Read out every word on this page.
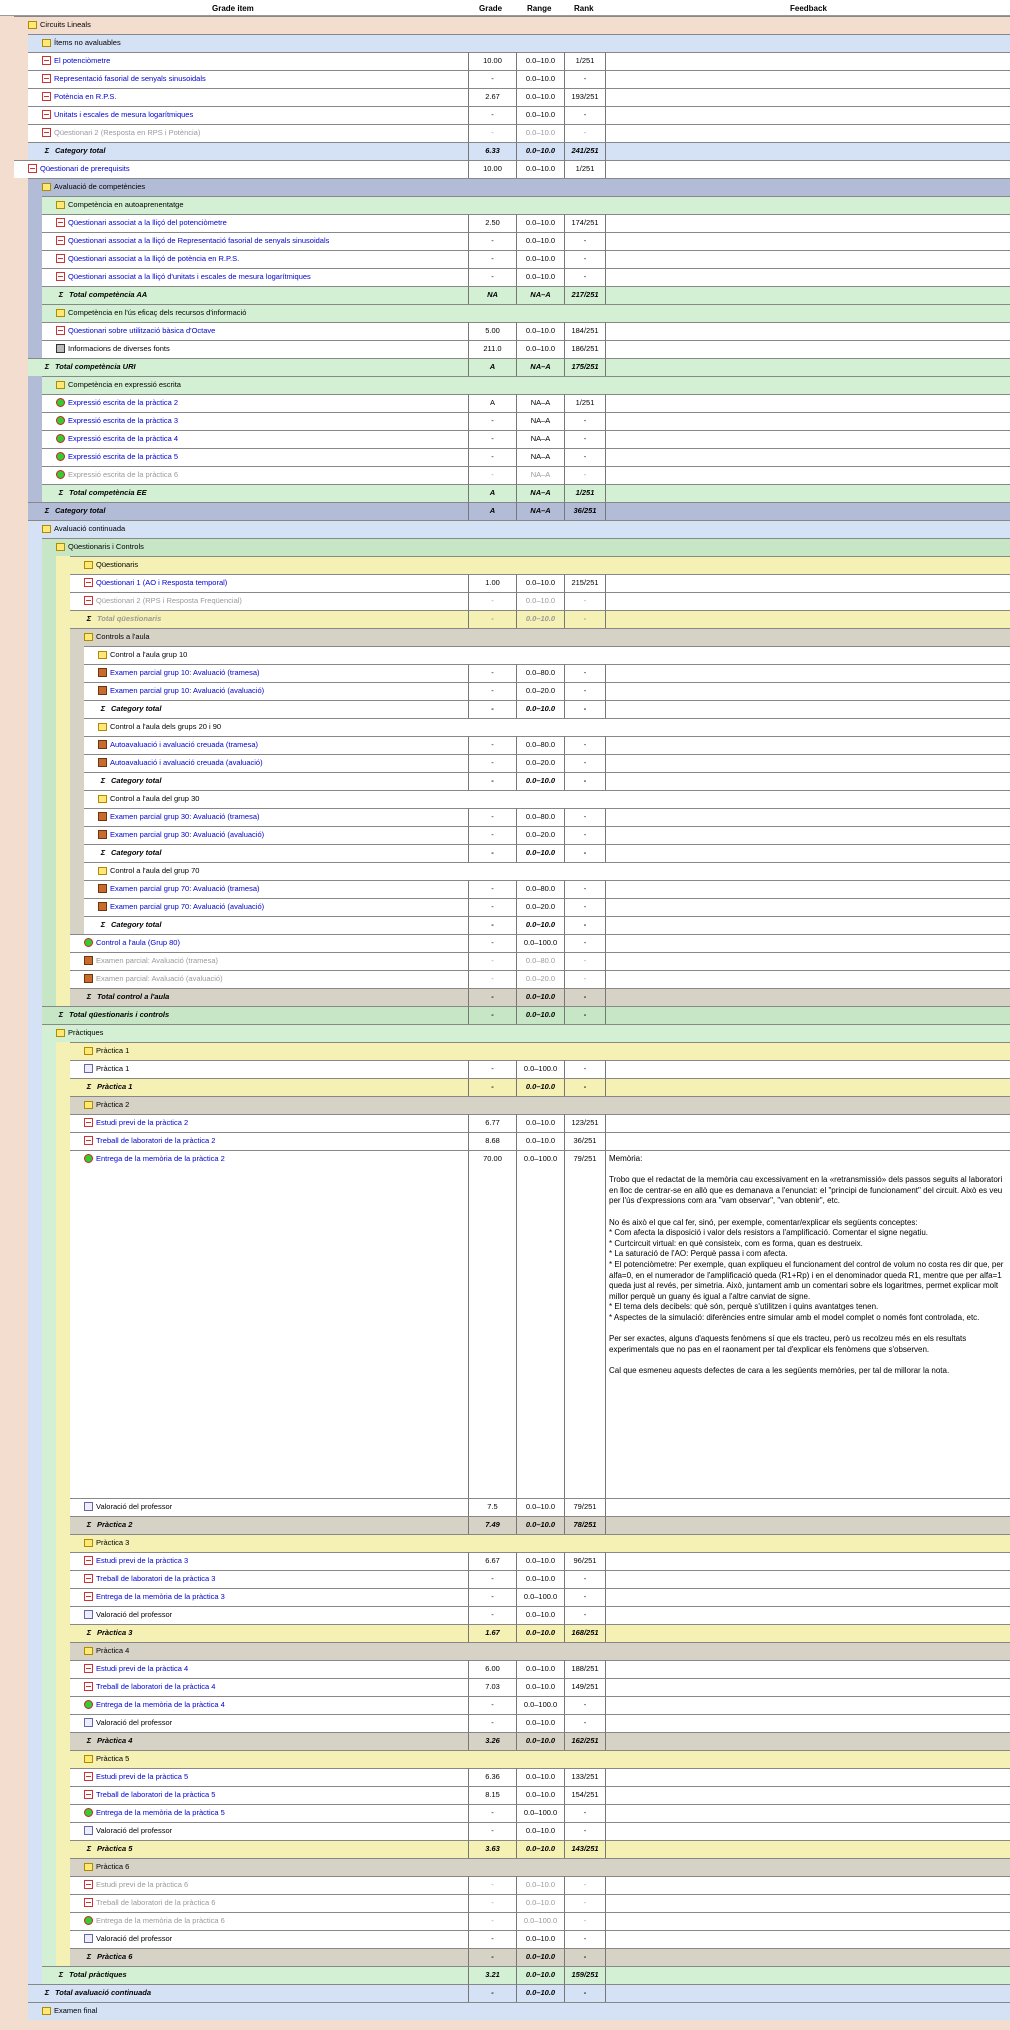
Grade item	Grade	Range	Rank	Feedback
Circuits Lineals
Ítems no avaluables
El potenciòmetre	10.00	0.0–10.0	1/251
Representació fasorial de senyals sinusoidals	-	0.0–10.0	-
Potència en R.P.S.	2.67	0.0–10.0	193/251
Unitats i escales de mesura logarítmiques	-	0.0–10.0	-
Qüestionari 2 (Resposta en RPS i Potència)	-	0.0–10.0	-
Σ Category total	6.33	0.0–10.0	241/251
Qüestionari de prerequisits	10.00	0.0–10.0	1/251
Avaluació de competències
Competència en autoaprenentatge
Qüestionari associat a la lliçó del potenciòmetre	2.50	0.0–10.0	174/251
Qüestionari associat a la lliçó de Representació fasorial de senyals sinusoidals	-	0.0–10.0	-
Qüestionari associat a la lliçó de potència en R.P.S.	-	0.0–10.0	-
Qüestionari associat a la lliçó d'unitats i escales de mesura logarítmiques	-	0.0–10.0	-
Σ Total competència AA	NA	NA–A	217/251
Competència en l'ús eficaç dels recursos d'informació
Qüestionari sobre utilització bàsica d'Octave	5.00	0.0–10.0	184/251
Informacions de diverses fonts	211.0	0.0–10.0	186/251
Σ Total competència URI	A	NA–A	175/251
Competència en expressió escrita
Expressió escrita de la pràctica 2	A	NA–A	1/251
Expressió escrita de la pràctica 3	-	NA–A	-
Expressió escrita de la pràctica 4	-	NA–A	-
Expressió escrita de la pràctica 5	-	NA–A	-
Expressió escrita de la pràctica 6	-	NA–A	-
Σ Total competència EE	A	NA–A	1/251
Σ Category total	A	NA–A	36/251
Avaluació continuada
Qüestionaris i Controls
Qüestionaris
Qüestionari 1 (AO i Resposta temporal)	1.00	0.0–10.0	215/251
Qüestionari 2 (RPS i Resposta Freqüencial)	-	0.0–10.0	-
Σ Total qüestionaris	-	0.0–10.0	-
Controls a l'aula
Control a l'aula grup 10
Examen parcial grup 10: Avaluació (tramesa)	-	0.0–80.0	-
Examen parcial grup 10: Avaluació (avaluació)	-	0.0–20.0	-
Σ Category total	-	0.0–10.0	-
Control a l'aula dels grups 20 i 90
Autoavaluació i avaluació creuada (tramesa)	-	0.0–80.0	-
Autoavaluació i avaluació creuada (avaluació)	-	0.0–20.0	-
Σ Category total	-	0.0–10.0	-
Control a l'aula del grup 30
Examen parcial grup 30: Avaluació (tramesa)	-	0.0–80.0	-
Examen parcial grup 30: Avaluació (avaluació)	-	0.0–20.0	-
Σ Category total	-	0.0–10.0	-
Control a l'aula del grup 70
Examen parcial grup 70: Avaluació (tramesa)	-	0.0–80.0	-
Examen parcial grup 70: Avaluació (avaluació)	-	0.0–20.0	-
Σ Category total	-	0.0–10.0	-
Control a l'aula (Grup 80)	-	0.0–100.0	-
Examen parcial: Avaluació (tramesa)	-	0.0–80.0	-
Examen parcial: Avaluació (avaluació)	-	0.0–20.0	-
Σ Total control a l'aula	-	0.0–10.0	-
Σ Total qüestionaris i controls	-	0.0–10.0	-
Pràctiques
Pràctica 1
Pràctica 1	-	0.0–100.0	-
Σ Pràctica 1	-	0.0–10.0	-
Pràctica 2
Estudi previ de la pràctica 2	6.77	0.0–10.0	123/251
Treball de laboratori de la pràctica 2	8.68	0.0–10.0	36/251
Entrega de la memòria de la pràctica 2	70.00	0.0–100.0	79/251	Memòria:

Trobo que el redactat de la memòria cau excessivament en la «retransmissió» dels passos seguits al laboratori en lloc de centrar-se en allò que es demanava a l'enunciat: el "principi de funcionament" del circuit. Això es veu per l'ús d'expressions com ara "vam observar", "van obtenir", etc.

No és això el que cal fer, sinó, per exemple, comentar/explicar els següents conceptes:
* Com afecta la disposició i valor dels resistors a l'amplificació. Comentar el signe negatiu.
* Curtcircuit virtual: en què consisteix, com es forma, quan es destrueix.
* La saturació de l'AO: Perquè passa i com afecta.
* El potenciòmetre: Per exemple, quan expliqueu el funcionament del control de volum no costa res dir que, per alfa=0, en el numerador de l'amplificació queda (R1+Rp) i en el denominador queda R1, mentre que per alfa=1 queda just al revés, per simetria. Això, juntament amb un comentari sobre els logaritmes, permet explicar molt millor perquè un guany és igual a l'altre canviat de signe.
* El tema dels decibels: què són, perquè s'utilitzen i quins avantatges tenen.
* Aspectes de la simulació: diferències entre simular amb el model complet o només font controlada, etc.

Per ser exactes, alguns d'aquests fenòmens sí que els tracteu, però us recolzeu més en els resultats experimentals que no pas en el raonament per tal d'explicar els fenòmens que s'observen.

Cal que esmeneu aquests defectes de cara a les següents memòries, per tal de millorar la nota.
Valoració del professor	7.5	0.0–10.0	79/251
Σ Pràctica 2	7.49	0.0–10.0	78/251
Pràctica 3
Estudi previ de la pràctica 3	6.67	0.0–10.0	96/251
Treball de laboratori de la pràctica 3	-	0.0–10.0	-
Entrega de la memòria de la pràctica 3	-	0.0–100.0	-
Valoració del professor	-	0.0–10.0	-
Σ Pràctica 3	1.67	0.0–10.0	168/251
Pràctica 4
Estudi previ de la pràctica 4	6.00	0.0–10.0	188/251
Treball de laboratori de la pràctica 4	7.03	0.0–10.0	149/251
Entrega de la memòria de la pràctica 4	-	0.0–100.0	-
Valoració del professor	-	0.0–10.0	-
Σ Pràctica 4	3.26	0.0–10.0	162/251
Pràctica 5
Estudi previ de la pràctica 5	6.36	0.0–10.0	133/251
Treball de laboratori de la pràctica 5	8.15	0.0–10.0	154/251
Entrega de la memòria de la pràctica 5	-	0.0–100.0	-
Valoració del professor	-	0.0–10.0	-
Σ Pràctica 5	3.63	0.0–10.0	143/251
Pràctica 6
Estudi previ de la pràctica 6	-	0.0–10.0	-
Treball de laboratori de la pràctica 6	-	0.0–10.0	-
Entrega de la memòria de la pràctica 6	-	0.0–100.0	-
Valoració del professor	-	0.0–10.0	-
Σ Pràctica 6	-	0.0–10.0	-
Σ Total pràctiques	3.21	0.0–10.0	159/251
Σ Total avaluació continuada	-	0.0–10.0	-
Examen final
